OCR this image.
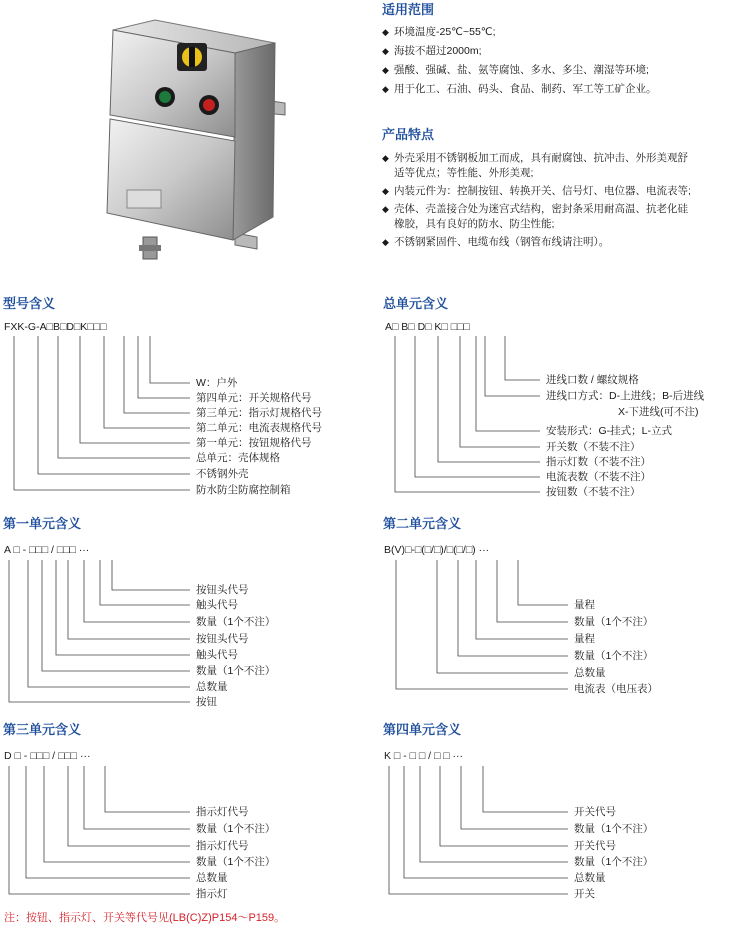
适用范围
◆ 环境温度-25℃~55℃;
◆ 海拔不超过2000m;
◆ 强酸、强碱、盐、氨等腐蚀、多水、多尘、潮湿等环境;
◆ 用于化工、石油、码头、食品、制药、军工等工矿企业。
产品特点
◆ 外壳采用不锈钢板加工而成，具有耐腐蚀、抗冲击、外形美观舒
适等优点；等性能、外形美观;
◆ 内装元件为：控制按钮、转换开关、信号灯、电位器、电流表等;
◆ 壳体、壳盖接合处为迷宫式结构，密封条采用耐高温、抗老化硅
橡胶，具有良好的防水、防尘性能;
◆ 不锈钢紧固件、电缆布线（钢管布线请注明）。
型号含义
FXK-G-A□B□D□K□□□
W：户外
第四单元：开关规格代号
第三单元：指示灯规格代号
第二单元：电流表规格代号
第一单元：按钮规格代号
总单元：壳体规格
不锈钢外壳
防水防尘防腐控制箱
总单元含义
A□ B□ D□ K□ □□□
进线口数 / 螺纹规格
进线口方式：D-上进线；B-后进线
X-下进线(可不注)
安装形式：G-挂式；L-立式
开关数（不装不注）
指示灯数（不装不注）
电流表数（不装不注）
按钮数（不装不注）
第一单元含义
A □ - □□□ / □□□ ···
按钮头代号
触头代号
数量（1个不注）
按钮头代号
触头代号
数量（1个不注）
总数量
按钮
第二单元含义
B(V)□-□(□/□)/□(□/□) ···
量程
数量（1个不注）
量程
数量（1个不注）
总数量
电流表（电压表）
第三单元含义
D □ - □□□ / □□□ ···
指示灯代号
数量（1个不注）
指示灯代号
数量（1个不注）
总数量
指示灯
第四单元含义
K □ - □ □ / □ □ ···
开关代号
数量（1个不注）
开关代号
数量（1个不注）
总数量
开关
注：按钮、指示灯、开关等代号见(LB(C)Z)P154～P159。
